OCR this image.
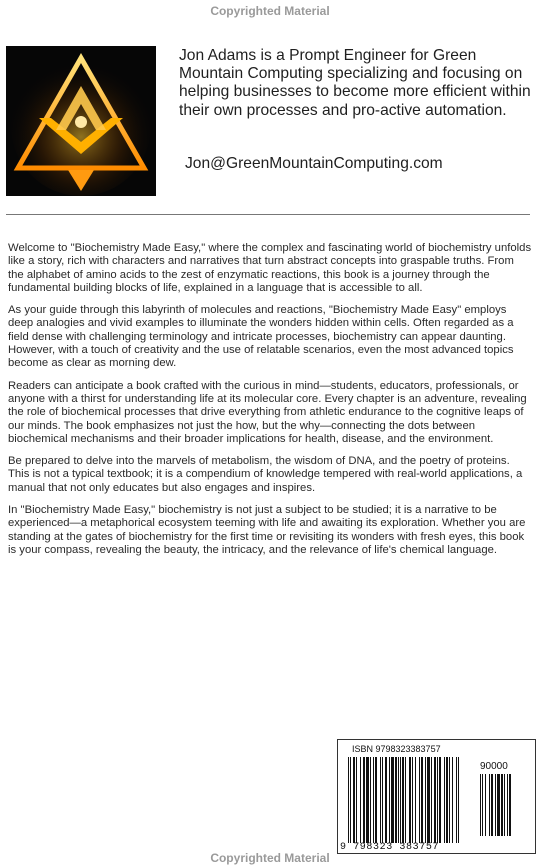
Copyrighted Material
Jon Adams is a Prompt Engineer for Green Mountain Computing specializing and focusing on helping businesses to become more efficient within their own processes and pro-active automation.
Jon@GreenMountainComputing.com

Welcome to "Biochemistry Made Easy," where the complex and fascinating world of biochemistry unfolds like a story, rich with characters and narratives that turn abstract concepts into graspable truths. From the alphabet of amino acids to the zest of enzymatic reactions, this book is a journey through the fundamental building blocks of life, explained in a language that is accessible to all.

As your guide through this labyrinth of molecules and reactions, "Biochemistry Made Easy" employs deep analogies and vivid examples to illuminate the wonders hidden within cells. Often regarded as a field dense with challenging terminology and intricate processes, biochemistry can appear daunting. However, with a touch of creativity and the use of relatable scenarios, even the most advanced topics become as clear as morning dew.

Readers can anticipate a book crafted with the curious in mind—students, educators, professionals, or anyone with a thirst for understanding life at its molecular core. Every chapter is an adventure, revealing the role of biochemical processes that drive everything from athletic endurance to the cognitive leaps of our minds. The book emphasizes not just the how, but the why—connecting the dots between biochemical mechanisms and their broader implications for health, disease, and the environment.

Be prepared to delve into the marvels of metabolism, the wisdom of DNA, and the poetry of proteins. This is not a typical textbook; it is a compendium of knowledge tempered with real-world applications, a manual that not only educates but also engages and inspires.

In "Biochemistry Made Easy," biochemistry is not just a subject to be studied; it is a narrative to be experienced—a metaphorical ecosystem teeming with life and awaiting its exploration. Whether you are standing at the gates of biochemistry for the first time or revisiting its wonders with fresh eyes, this book is your compass, revealing the beauty, the intricacy, and the relevance of life's chemical language.

ISBN 9798323383757
90000
9 798323 383757
Copyrighted Material
